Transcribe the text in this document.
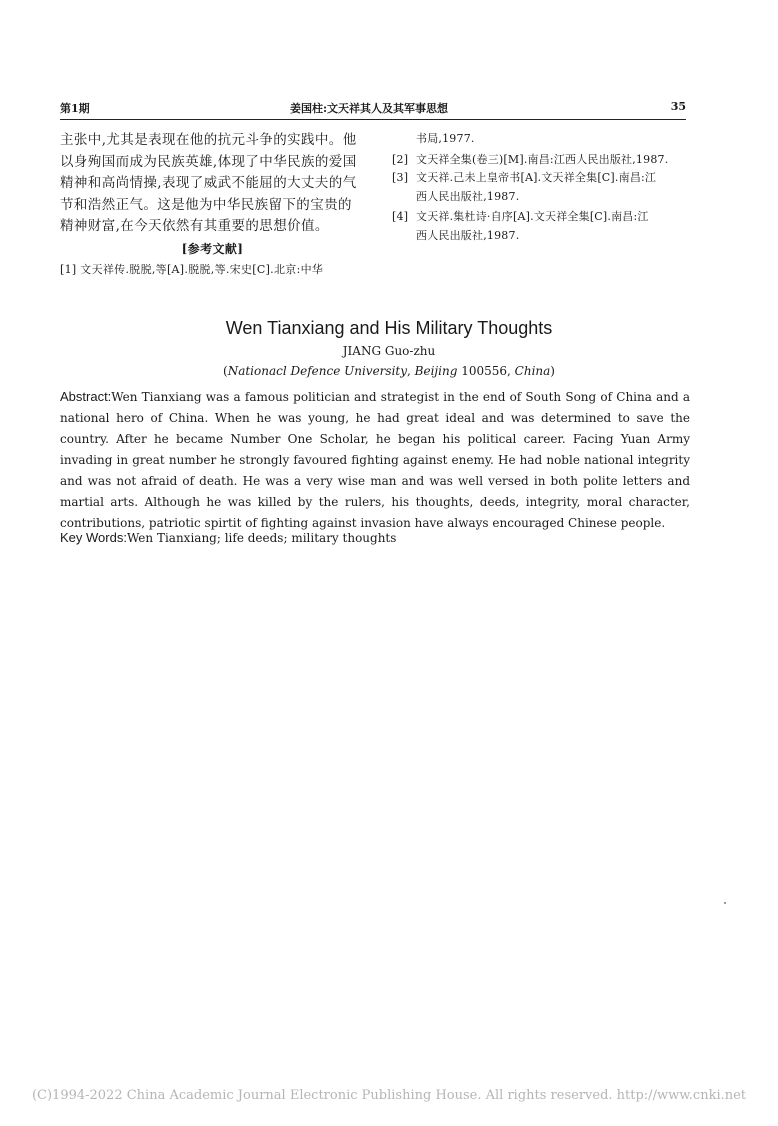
第1期	姜国柱:文天祥其人及其军事思想	35

主张中,尤其是表现在他的抗元斗争的实践中。他以身殉国而成为民族英雄,体现了中华民族的爱国精神和高尚情操,表现了威武不能屈的大丈夫的气节和浩然正气。这是他为中华民族留下的宝贵的精神财富,在今天依然有其重要的思想价值。

[参考文献]

[1] 文天祥传.脱脱,等[A].脱脱,等.宋史[C].北京:中华

书局,1977.

[2] 文天祥全集(卷三)[M].南昌:江西人民出版社,1987.

[3] 文天祥.己未上皇帝书[A].文天祥全集[C].南昌:江

西人民出版社,1987.

[4] 文天祥.集杜诗·自序[A].文天祥全集[C].南昌:江

西人民出版社,1987.

Wen Tianxiang and His Military Thoughts
JIANG Guo-zhu
(Nationacl Defence University, Beijing 100556, China)
Abstract:Wen Tianxiang was a famous politician and strategist in the end of South Song of China and a national hero of China. When he was young, he had great ideal and was determined to save the country. After he became Number One Scholar, he began his political career. Facing Yuan Army invading in great number he strongly favoured fighting against enemy. He had noble national integrity and was not afraid of death. He was a very wise man and was well versed in both polite letters and martial arts. Although he was killed by the rulers, his thoughts, deeds, integrity, moral character, contributions, patriotic spirtit of fighting against invasion have always encouraged Chinese people.
Key Words:Wen Tianxiang; life deeds; military thoughts
(C)1994-2022 China Academic Journal Electronic Publishing House. All rights reserved. http://www.cnki.net
